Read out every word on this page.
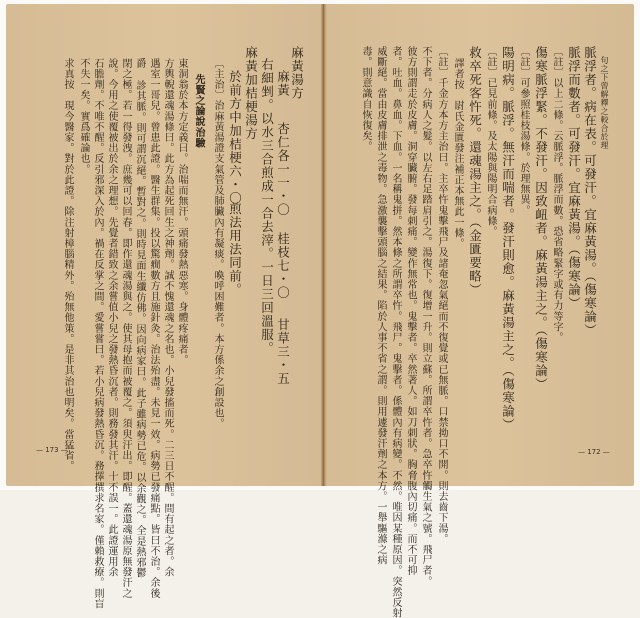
麻黃湯方
麻黃
杏仁各一一・〇
桂枝七・〇
甘草三・五
右細剉。以水三合煎成一合去滓。一日三回溫服。
麻黃加桔梗湯方
於前方中加桔梗六・〇
煎法用法同前。
〔主治〕治麻黃湯證支氣管及肺臟內有凝痰。喚呼困難者。本方係余之創設也。
先賢之論說治驗
東洞翁於本方定義曰。治喘而無汗。頭痛發熱惡寒。身體疼痛者。
方輿輗還魂湯條曰。此方為起死回生之神劑。誠不愧還魂之名也。小兒發搐而死。二三日不醒。間有起之者。余
遇室一哥兒。曾患此證。醫生群集。投以驚癇數方且施針灸。治法殆盡。未見一效。病勢已發痛點。皆曰不治。余後
爵 診其脈。則可謂沉絕。暫對之。則時見面生纖仿佛。因向病家曰。此子雖病勢已危。以余觀之。全是熱邪鬱
閉之極。若一得發洩。庶幾可以回春。即作還魂湯與之。使其母抱而被覆之。須臾汗出。即醒。蓋還魂湯原無發汗之
說。今用之使覆被出於余之理想。先覺者錯致之余嘗值小兒之發熱昏沉者。則務發其汗。十不誤一。此證運用余
石膽劑。不唯不醒。反引邪深入於內。禍在反掌之間。愛嘗嘗曰。若小兒病發熱昏沉。務擇撰求名家。僅賴救療。則盲
不失一矣。實爲確論也。
求真按　現今醫家。對於此證。除注射樟腦精外。殆無他策。是非其治也明矣。當猛省。	句之下曾解釋之較合於理
脈浮者。病在表。可發汗。宜麻黃湯。（傷寒論）
脈浮而數者。可發汗。宜麻黃湯。（傷寒論）
〔註〕以上二條。云脈浮。脈浮而數。恐省略緊字或有力等字。
傷寒脈浮緊。不發汗。因致衄者。麻黃湯主之。（傷寒論）
〔註〕可參照桂枝湯條。於理無異。
陽明病。脈浮。無汗而喘者。發汗則愈。麻黃湯主之。（傷寒論）
〔註〕已見前條。及太陽與陽明合病條。
救卒死客忤死。還魂湯主之。（金匱要略）
譯者按　尉氏金匱發注補正本無此一條。
〔註〕千金方本方主治曰。主卒忤鬼擊飛尸及諸奄忽氣絕而不復覺或已無脈。口禁拗口不開。則去齒下湯。
不下者。分病人之髮。以左右足踏肩引之。湯復下。復增一升。則立蘇。所謂卒忤者。急卒忤觸生氣之號。飛尸者。
彼方則謂走於皮膚。洞穿臟腑。發每刺痛。變作無常也。鬼擊者。卒然著人。如刀刺狀。胸脅腹內切痛。而不可抑
者。吐血。鼻血。下血。一名稱鬼拼。然本條之所謂卒忤。飛尸。鬼擊者。係體內有病變。不然。唯因某種原因。突然反射
威斷絕。當由皮膚排泄之毒物。急激襲擊頭腦之結果。陷於人事不省之謂。則用遽發汗劑之本方。一舉驅滌之病
毒。則意識自恢復矣。
— 173 —	— 172 —
